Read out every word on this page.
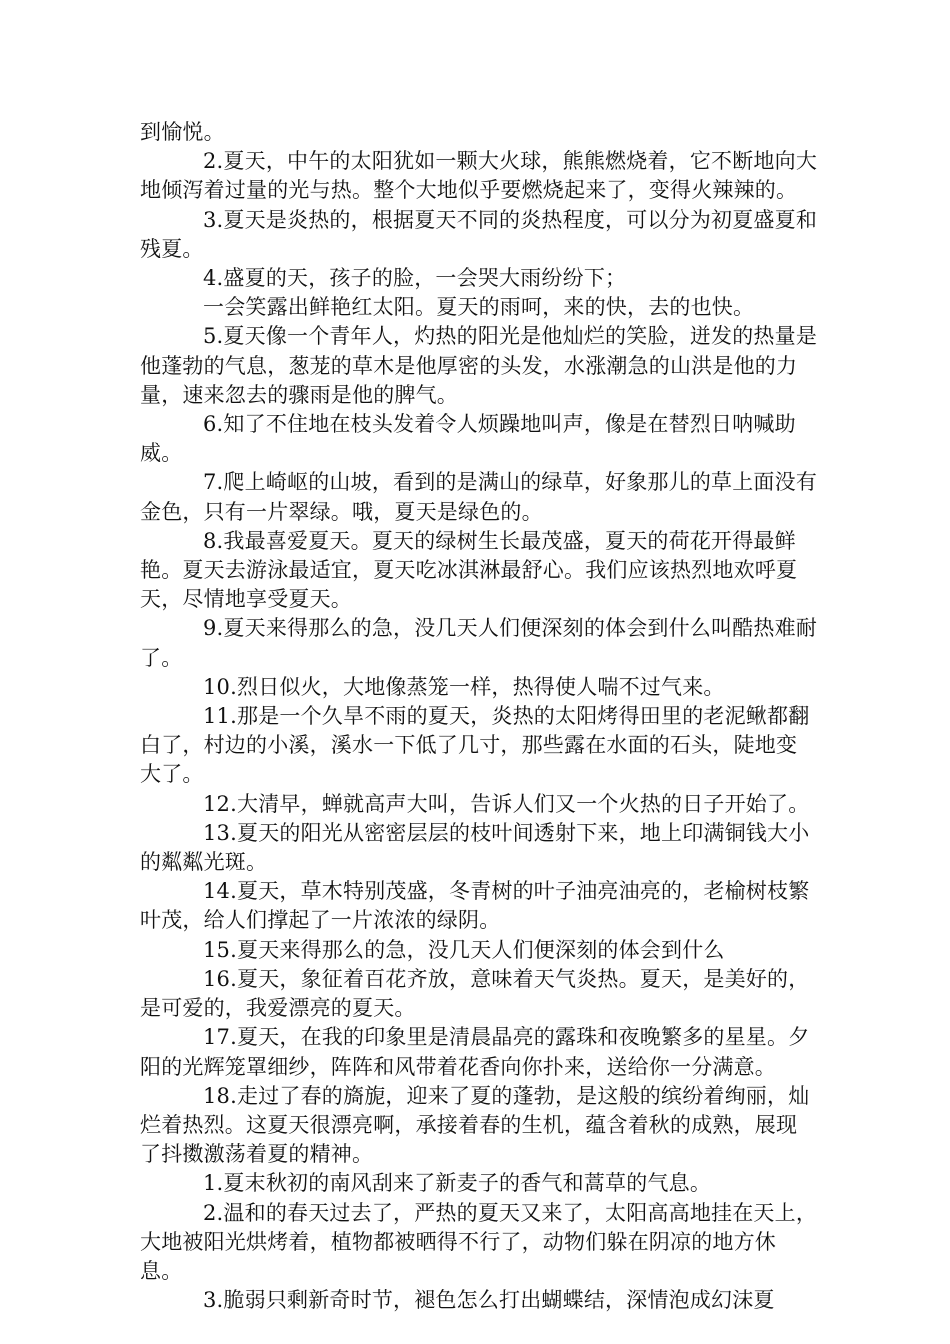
到愉悦。

2.夏天，中午的太阳犹如一颗大火球，熊熊燃烧着，它不断地向大地倾泻着过量的光与热。整个大地似乎要燃烧起来了，变得火辣辣的。

3.夏天是炎热的，根据夏天不同的炎热程度，可以分为初夏盛夏和残夏。

4.盛夏的天，孩子的脸，一会哭大雨纷纷下；

一会笑露出鲜艳红太阳。夏天的雨呵，来的快，去的也快。

5.夏天像一个青年人，灼热的阳光是他灿烂的笑脸，迸发的热量是他蓬勃的气息，葱茏的草木是他厚密的头发，水涨潮急的山洪是他的力量，速来忽去的骤雨是他的脾气。

6.知了不住地在枝头发着令人烦躁地叫声，像是在替烈日呐喊助威。

7.爬上崎岖的山坡，看到的是满山的绿草，好象那儿的草上面没有金色，只有一片翠绿。哦，夏天是绿色的。

8.我最喜爱夏天。夏天的绿树生长最茂盛，夏天的荷花开得最鲜艳。夏天去游泳最适宜，夏天吃冰淇淋最舒心。我们应该热烈地欢呼夏天，尽情地享受夏天。

9.夏天来得那么的急，没几天人们便深刻的体会到什么叫酷热难耐了。

10.烈日似火，大地像蒸笼一样，热得使人喘不过气来。

11.那是一个久旱不雨的夏天，炎热的太阳烤得田里的老泥鳅都翻白了，村边的小溪，溪水一下低了几寸，那些露在水面的石头，陡地变大了。

12.大清早，蝉就高声大叫，告诉人们又一个火热的日子开始了。

13.夏天的阳光从密密层层的枝叶间透射下来，地上印满铜钱大小的粼粼光斑。

14.夏天，草木特别茂盛，冬青树的叶子油亮油亮的，老榆树枝繁叶茂，给人们撑起了一片浓浓的绿阴。

15.夏天来得那么的急，没几天人们便深刻的体会到什么

16.夏天，象征着百花齐放，意味着天气炎热。夏天，是美好的，是可爱的，我爱漂亮的夏天。

17.夏天，在我的印象里是清晨晶亮的露珠和夜晚繁多的星星。夕阳的光辉笼罩细纱，阵阵和风带着花香向你扑来，送给你一分满意。

18.走过了春的旖旎，迎来了夏的蓬勃，是这般的缤纷着绚丽，灿烂着热烈。这夏天很漂亮啊，承接着春的生机，蕴含着秋的成熟，展现了抖擞激荡着夏的精神。

1.夏末秋初的南风刮来了新麦子的香气和蒿草的气息。

2.温和的春天过去了，严热的夏天又来了，太阳高高地挂在天上，大地被阳光烘烤着，植物都被晒得不行了，动物们躲在阴凉的地方休息。

3.脆弱只剩新奇时节，褪色怎么打出蝴蝶结，深情泡成幻沫夏
